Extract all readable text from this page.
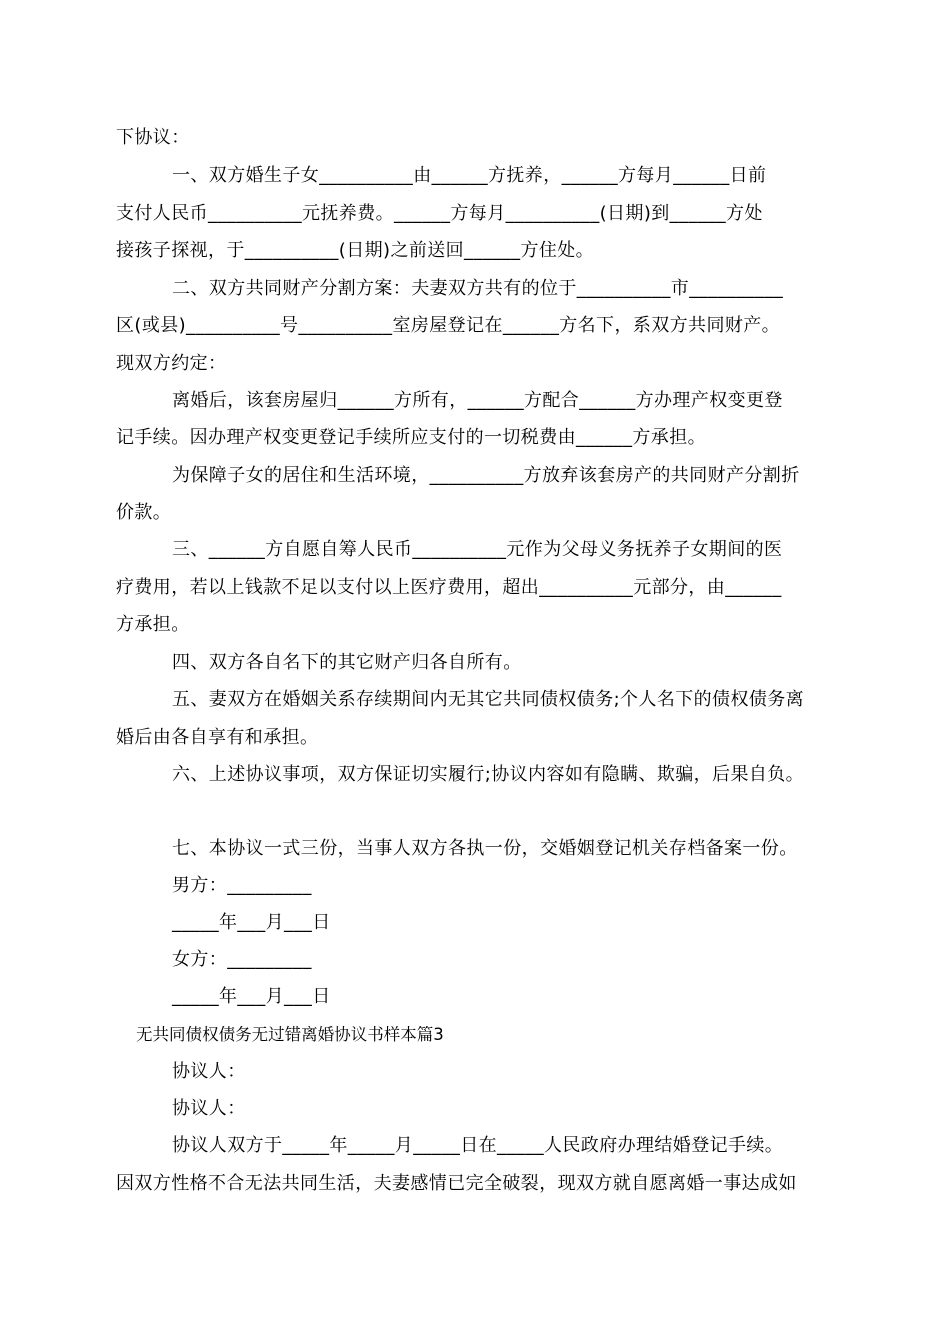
下协议：
一、双方婚生子女__________由______方抚养，______方每月______日前
支付人民币__________元抚养费。______方每月__________(日期)到______方处
接孩子探视，于__________(日期)之前送回______方住处。
二、双方共同财产分割方案：夫妻双方共有的位于__________市__________
区(或县)__________号__________室房屋登记在______方名下，系双方共同财产。
现双方约定：
离婚后，该套房屋归______方所有，______方配合______方办理产权变更登
记手续。因办理产权变更登记手续所应支付的一切税费由______方承担。
为保障子女的居住和生活环境，__________方放弃该套房产的共同财产分割折
价款。
三、______方自愿自筹人民币__________元作为父母义务抚养子女期间的医
疗费用，若以上钱款不足以支付以上医疗费用，超出__________元部分，由______
方承担。
四、双方各自名下的其它财产归各自所有。
五、妻双方在婚姻关系存续期间内无其它共同债权债务;个人名下的债权债务离
婚后由各自享有和承担。
六、上述协议事项，双方保证切实履行;协议内容如有隐瞒、欺骗，后果自负。
七、本协议一式三份，当事人双方各执一份，交婚姻登记机关存档备案一份。
男方：_________
_____年___月___日
女方：_________
_____年___月___日
无共同债权债务无过错离婚协议书样本篇3
协议人：
协议人：
协议人双方于_____年_____月_____日在_____人民政府办理结婚登记手续。
因双方性格不合无法共同生活，夫妻感情已完全破裂，现双方就自愿离婚一事达成如
